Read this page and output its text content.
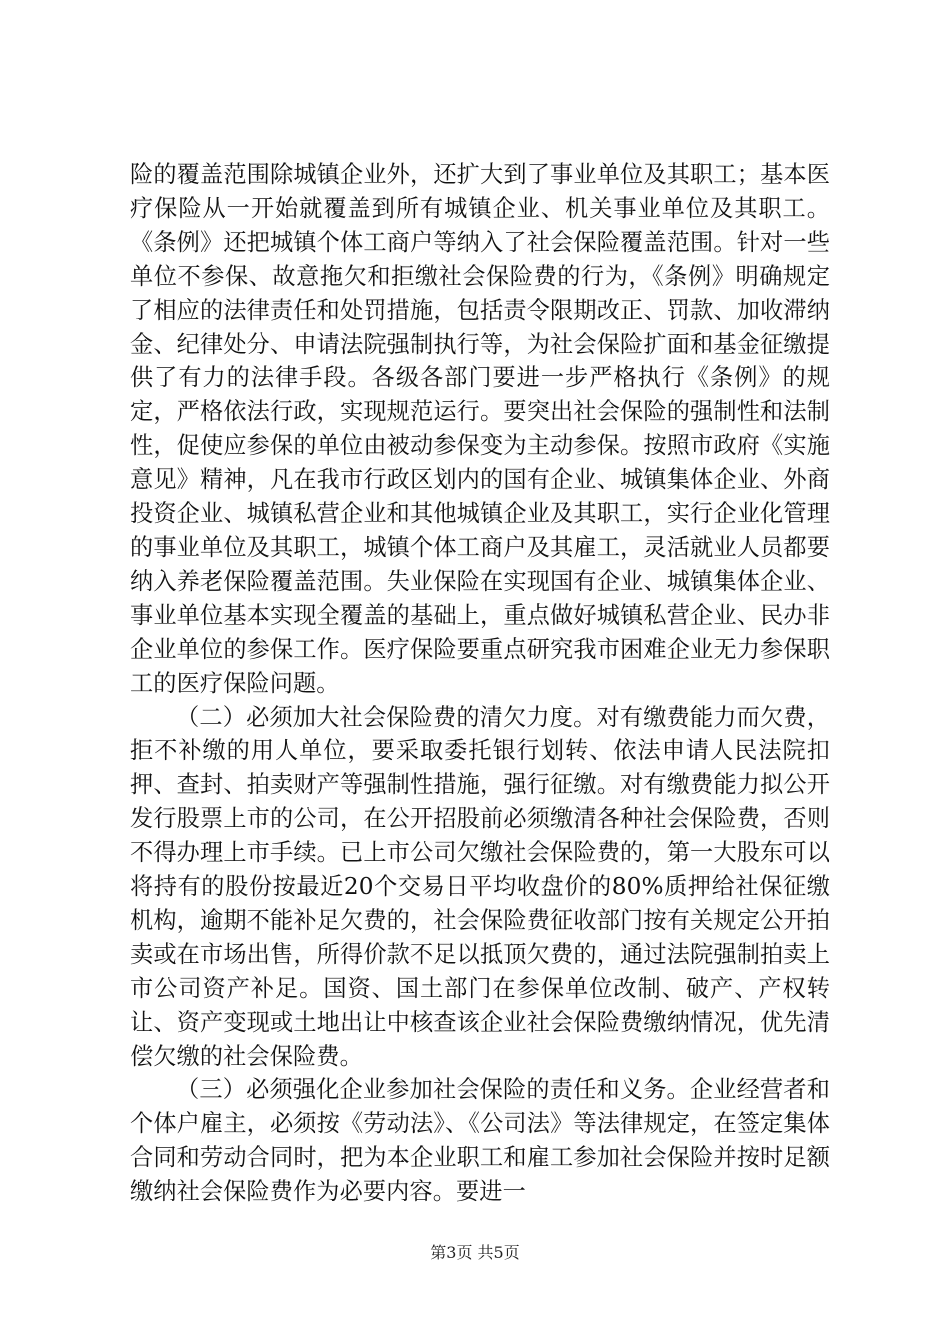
险的覆盖范围除城镇企业外，还扩大到了事业单位及其职工；基本医疗保险从一开始就覆盖到所有城镇企业、机关事业单位及其职工。《条例》还把城镇个体工商户等纳入了社会保险覆盖范围。针对一些单位不参保、故意拖欠和拒缴社会保险费的行为，《条例》明确规定了相应的法律责任和处罚措施，包括责令限期改正、罚款、加收滞纳金、纪律处分、申请法院强制执行等，为社会保险扩面和基金征缴提供了有力的法律手段。各级各部门要进一步严格执行《条例》的规定，严格依法行政，实现规范运行。要突出社会保险的强制性和法制性，促使应参保的单位由被动参保变为主动参保。按照市政府《实施意见》精神，凡在我市行政区划内的国有企业、城镇集体企业、外商投资企业、城镇私营企业和其他城镇企业及其职工，实行企业化管理的事业单位及其职工，城镇个体工商户及其雇工，灵活就业人员都要纳入养老保险覆盖范围。失业保险在实现国有企业、城镇集体企业、事业单位基本实现全覆盖的基础上，重点做好城镇私营企业、民办非企业单位的参保工作。医疗保险要重点研究我市困难企业无力参保职工的医疗保险问题。

（二）必须加大社会保险费的清欠力度。对有缴费能力而欠费，拒不补缴的用人单位，要采取委托银行划转、依法申请人民法院扣押、查封、拍卖财产等强制性措施，强行征缴。对有缴费能力拟公开发行股票上市的公司，在公开招股前必须缴清各种社会保险费，否则不得办理上市手续。已上市公司欠缴社会保险费的，第一大股东可以将持有的股份按最近20个交易日平均收盘价的80%质押给社保征缴机构，逾期不能补足欠费的，社会保险费征收部门按有关规定公开拍卖或在市场出售，所得价款不足以抵顶欠费的，通过法院强制拍卖上市公司资产补足。国资、国土部门在参保单位改制、破产、产权转让、资产变现或土地出让中核查该企业社会保险费缴纳情况，优先清偿欠缴的社会保险费。

（三）必须强化企业参加社会保险的责任和义务。企业经营者和个体户雇主，必须按《劳动法》、《公司法》等法律规定，在签定集体合同和劳动合同时，把为本企业职工和雇工参加社会保险并按时足额缴纳社会保险费作为必要内容。要进一

第3页 共5页
